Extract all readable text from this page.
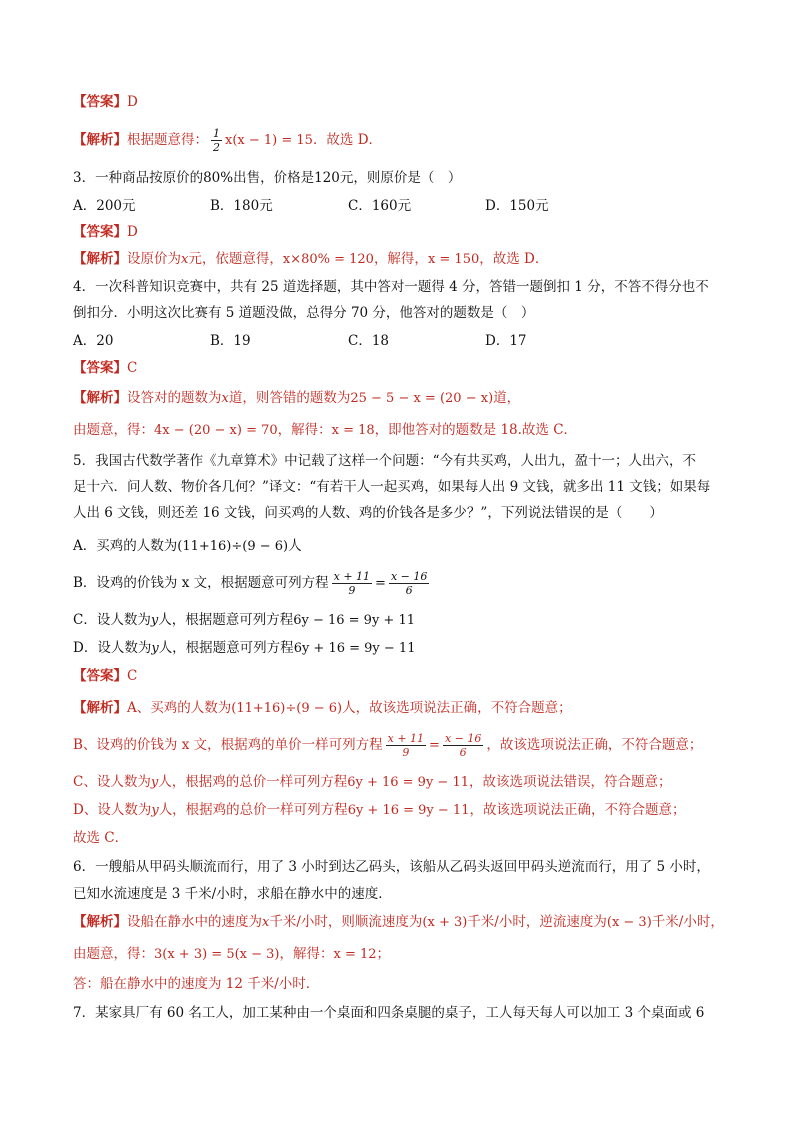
【答案】D
【解析】根据题意得： $\frac{1}{2} x(x - 1) = 15$．故选 D．
3．一种商品按原价的80%出售，价格是120元，则原价是（　）
A．200元	B．180元	C．160元	D．150元
【答案】D
【解析】设原价为x元，依题意得，x×80% = 120，解得，x = 150，故选 D．
4．一次科普知识竞赛中，共有 25 道选择题，其中答对一题得 4 分，答错一题倒扣 1 分，不答不得分也不
倒扣分．小明这次比赛有 5 道题没做，总得分 70 分，他答对的题数是（　）
A．20	B．19	C．18	D．17
【答案】C
【解析】设答对的题数为x道，则答错的题数为25 − 5 − x = (20 − x)道，
由题意，得：4x − (20 − x) = 70，解得：x = 18，即他答对的题数是 18.故选 C．
5．我国古代数学著作《九章算术》中记载了这样一个问题：“今有共买鸡，人出九，盈十一；人出六，不
足十六．问人数、物价各几何？”译文：“有若干人一起买鸡，如果每人出 9 文钱，就多出 11 文钱；如果每
人出 6 文钱，则还差 16 文钱，问买鸡的人数、鸡的价钱各是多少？”，下列说法错误的是（　　）
A．买鸡的人数为(11+16)÷(9 − 6)人
B．设鸡的价钱为 x 文，根据题意可列方程 $\frac{x + 11}{9} = \frac{x - 16}{6}$
C．设人数为y人，根据题意可列方程6y − 16 = 9y + 11
D．设人数为y人，根据题意可列方程6y + 16 = 9y − 11
【答案】C
【解析】A、买鸡的人数为(11+16)÷(9 − 6)人，故该选项说法正确，不符合题意；
B、设鸡的价钱为 x 文，根据鸡的单价一样可列方程 $\frac{x + 11}{9} = \frac{x - 16}{6}$ ，故该选项说法正确，不符合题意；
C、设人数为y人，根据鸡的总价一样可列方程6y + 16 = 9y − 11，故该选项说法错误，符合题意；
D、设人数为y人，根据鸡的总价一样可列方程6y + 16 = 9y − 11，故该选项说法正确，不符合题意；
故选 C．
6．一艘船从甲码头顺流而行，用了 3 小时到达乙码头，该船从乙码头返回甲码头逆流而行，用了 5 小时，
已知水流速度是 3 千米/小时，求船在静水中的速度．
【解析】设船在静水中的速度为x千米/小时，则顺流速度为(x + 3)千米/小时，逆流速度为(x − 3)千米/小时，
由题意，得：3(x + 3) = 5(x − 3)，解得：x = 12；
答：船在静水中的速度为 12 千米/小时．
7．某家具厂有 60 名工人，加工某种由一个桌面和四条桌腿的桌子，工人每天每人可以加工 3 个桌面或 6
